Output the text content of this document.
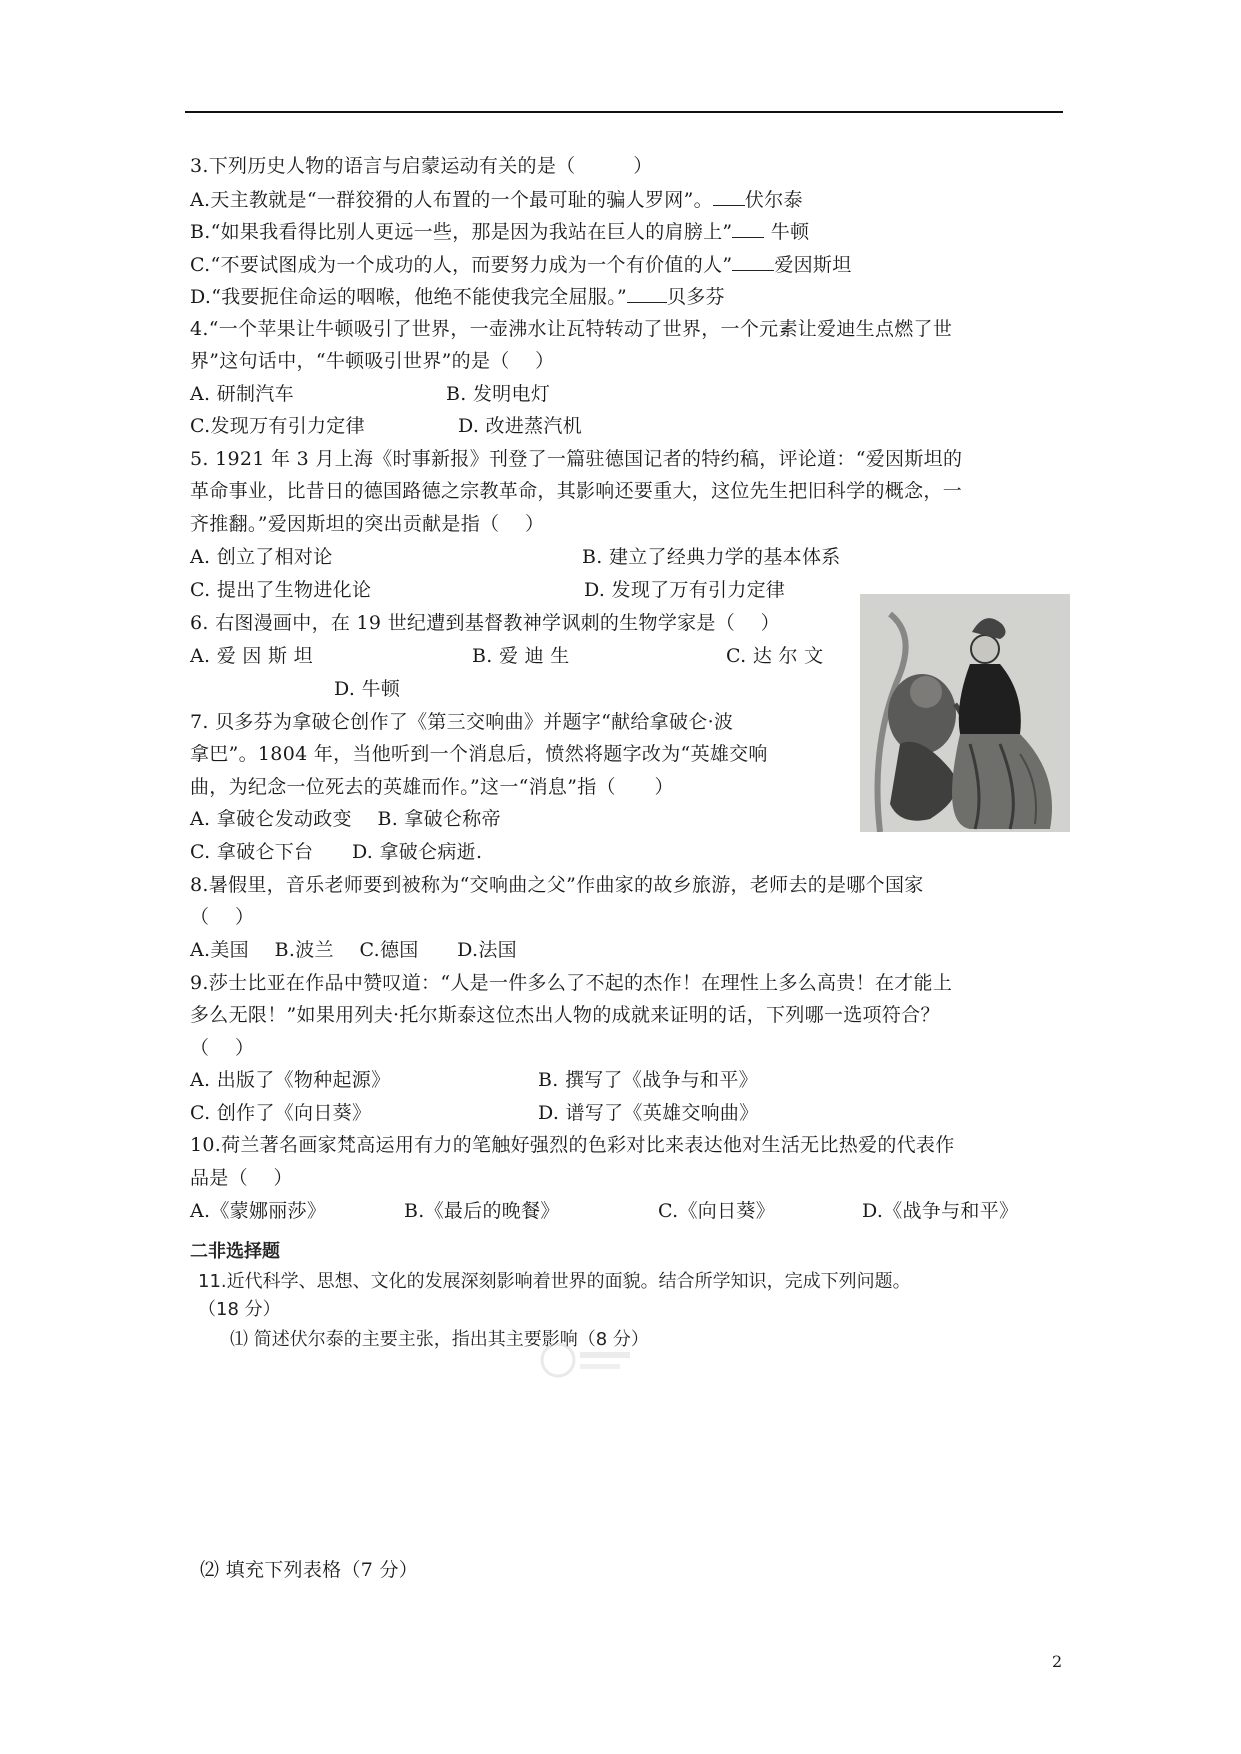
3.下列历史人物的语言与启蒙运动有关的是（　　　）
A.天主教就是“一群狡猾的人布置的一个最可耻的骗人罗网”。 伏尔泰
B.“如果我看得比别人更远一些，那是因为我站在巨人的肩膀上” 牛顿
C.“不要试图成为一个成功的人，而要努力成为一个有价值的人” 爱因斯坦
D.“我要扼住命运的咽喉，他绝不能使我完全屈服。” 贝多芬
4.“一个苹果让牛顿吸引了世界，一壶沸水让瓦特转动了世界，一个元素让爱迪生点燃了世
界”这句话中，“牛顿吸引世界”的是（　 ）
A. 研制汽车	B. 发明电灯
C.发现万有引力定律	D. 改进蒸汽机
5. 1921 年 3 月上海《时事新报》刊登了一篇驻德国记者的特约稿，评论道：“爱因斯坦的
革命事业，比昔日的德国路德之宗教革命，其影响还要重大，这位先生把旧科学的概念，一
齐推翻。”爱因斯坦的突出贡献是指（　 ）
A. 创立了相对论	B. 建立了经典力学的基本体系
C. 提出了生物进化论	D. 发现了万有引力定律
6. 右图漫画中，在 19 世纪遭到基督教神学讽刺的生物学家是（　 ）
A. 爱 因 斯 坦	B. 爱 迪 生	C. 达 尔 文
D. 牛顿
7. 贝多芬为拿破仑创作了《第三交响曲》并题字“献给拿破仑·波
拿巴”。1804 年，当他听到一个消息后，愤然将题字改为“英雄交响
曲，为纪念一位死去的英雄而作。”这一“消息”指（　　）
A. 拿破仑发动政变　 B. 拿破仑称帝
C. 拿破仑下台　　D. 拿破仑病逝.
8.暑假里，音乐老师要到被称为“交响曲之父”作曲家的故乡旅游，老师去的是哪个国家
（　 ）
A.美国　 B.波兰　 C.德国　　D.法国
9.莎士比亚在作品中赞叹道：“人是一件多么了不起的杰作！在理性上多么高贵！在才能上
多么无限！”如果用列夫·托尔斯泰这位杰出人物的成就来证明的话，下列哪一选项符合？
（　 ）
A. 出版了《物种起源》	B. 撰写了《战争与和平》
C. 创作了《向日葵》	D. 谱写了《英雄交响曲》
10.荷兰著名画家梵高运用有力的笔触好强烈的色彩对比来表达他对生活无比热爱的代表作
品是（　 ）
A.《蒙娜丽莎》	B.《最后的晚餐》	C.《向日葵》	D.《战争与和平》
二非选择题
11.近代科学、思想、文化的发展深刻影响着世界的面貌。结合所学知识，完成下列问题。
（18 分）
⑴ 简述伏尔泰的主要主张，指出其主要影响（8 分）
⑵ 填充下列表格（7 分）
2
